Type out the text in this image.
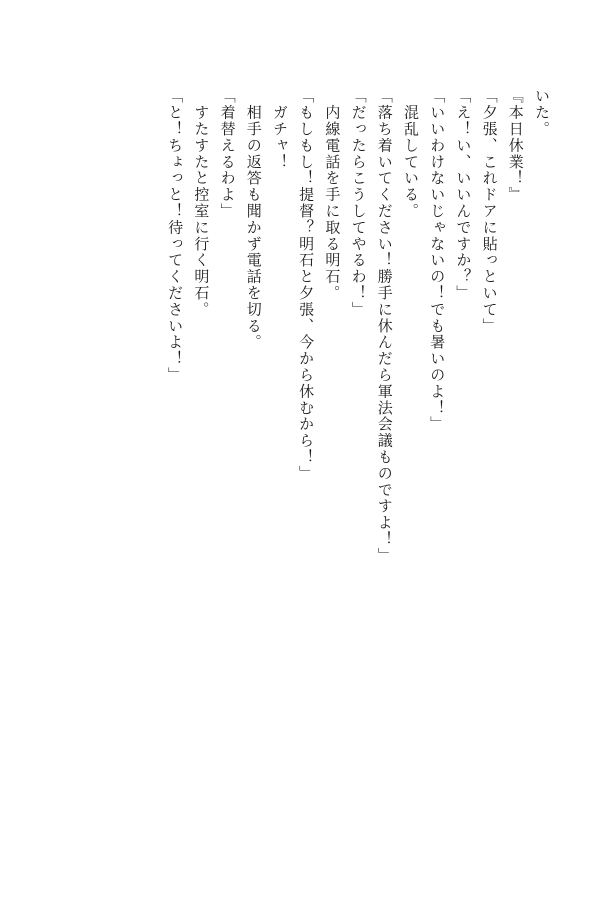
いた。
『本日休業！』
「夕張、これドアに貼っといて」
「え！い、いいんですか？」
「いいわけないじゃないの！でも暑いのよ！」
　混乱している。
「落ち着いてください！勝手に休んだら軍法会議ものですよ！」
「だったらこうしてやるわ！」
　内線電話を手に取る明石。
「もしもし！提督？明石と夕張、今から休むから！」
　ガチャ！
　相手の返答も聞かず電話を切る。
「着替えるわよ」
　すたすたと控室に行く明石。
「と！ちょっと！待ってくださいよ！」
